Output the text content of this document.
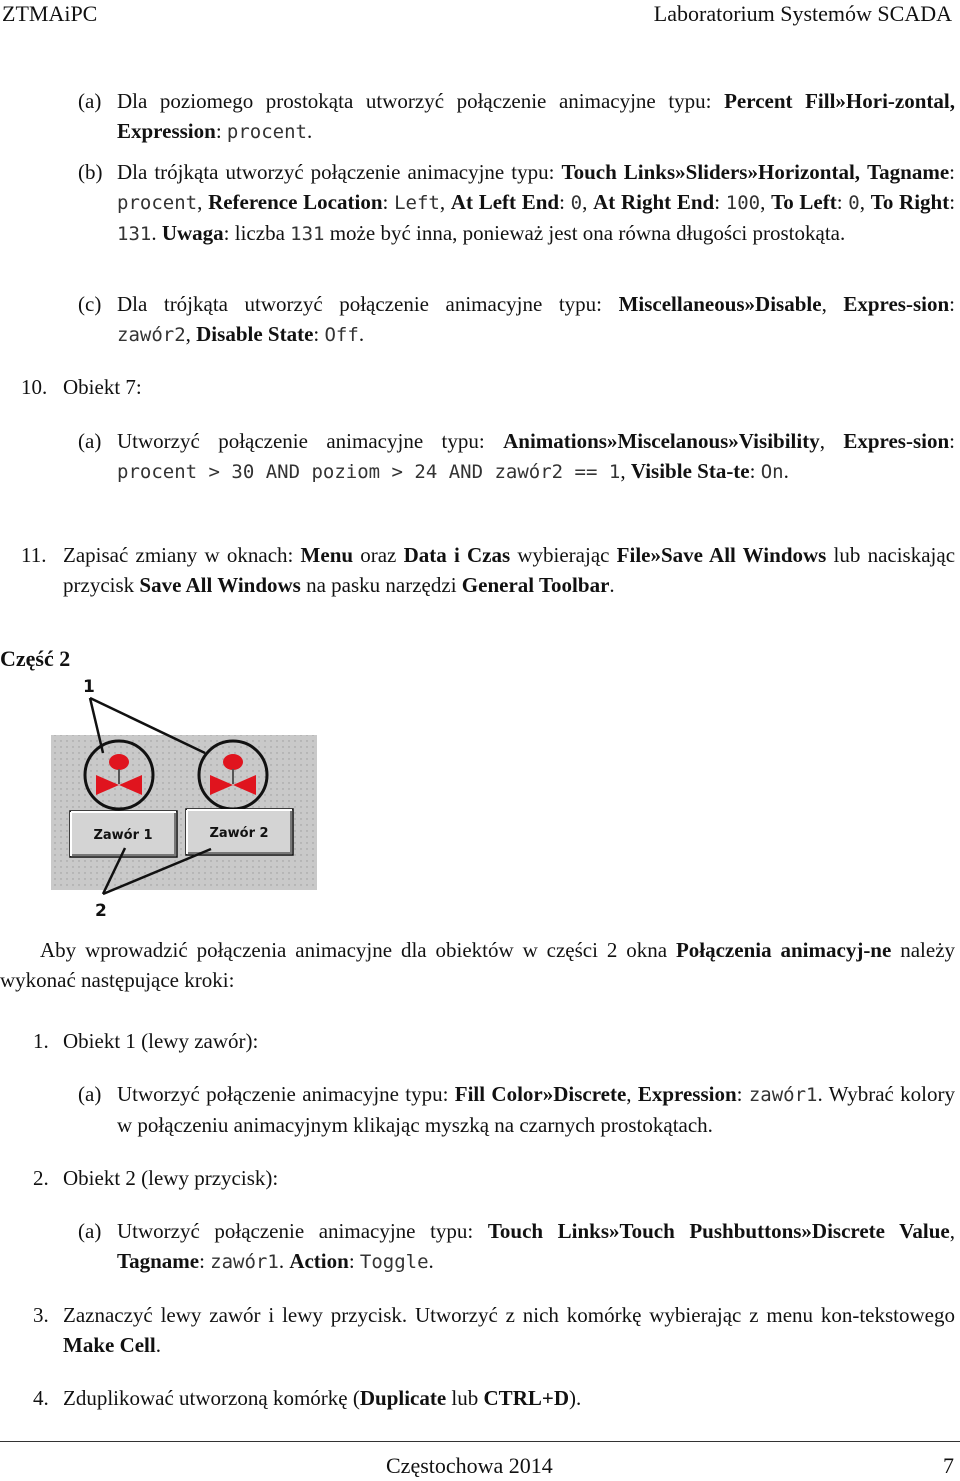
ZTMAiPC	Laboratorium Systemów SCADA
(a) Dla poziomego prostokąta utworzyć połączenie animacyjne typu: Percent Fill»Hori-zontal, Expression: procent.
(b) Dla trójkąta utworzyć połączenie animacyjne typu: Touch Links»Sliders»Horizontal, Tagname: procent, Reference Location: Left, At Left End: 0, At Right End: 100, To Left: 0, To Right: 131. Uwaga: liczba 131 może być inna, ponieważ jest ona równa długości prostokąta.
(c) Dla trójkąta utworzyć połączenie animacyjne typu: Miscellaneous»Disable, Expres-sion: zawór2, Disable State: Off.
10. Obiekt 7:
(a) Utworzyć połączenie animacyjne typu: Animations»Miscelanous»Visibility, Expres-sion: procent > 30 AND poziom > 24 AND zawór2 == 1, Visible Sta-te: On.
11. Zapisać zmiany w oknach: Menu oraz Data i Czas wybierając File»Save All Windows lub naciskając przycisk Save All Windows na pasku narzędzi General Toolbar.
Część 2
1
2
Zawór 1	Zawór 2
Aby wprowadzić połączenia animacyjne dla obiektów w części 2 okna Połączenia animacyj-ne należy wykonać następujące kroki:
1. Obiekt 1 (lewy zawór):
(a) Utworzyć połączenie animacyjne typu: Fill Color»Discrete, Expression: zawór1. Wybrać kolory w połączeniu animacyjnym klikając myszką na czarnych prostokątach.
2. Obiekt 2 (lewy przycisk):
(a) Utworzyć połączenie animacyjne typu: Touch Links»Touch Pushbuttons»Discrete Value, Tagname: zawór1. Action: Toggle.
3. Zaznaczyć lewy zawór i lewy przycisk. Utworzyć z nich komórkę wybierając z menu kon-tekstowego Make Cell.
4. Zduplikować utworzoną komórkę (Duplicate lub CTRL+D).
Częstochowa 2014	7
